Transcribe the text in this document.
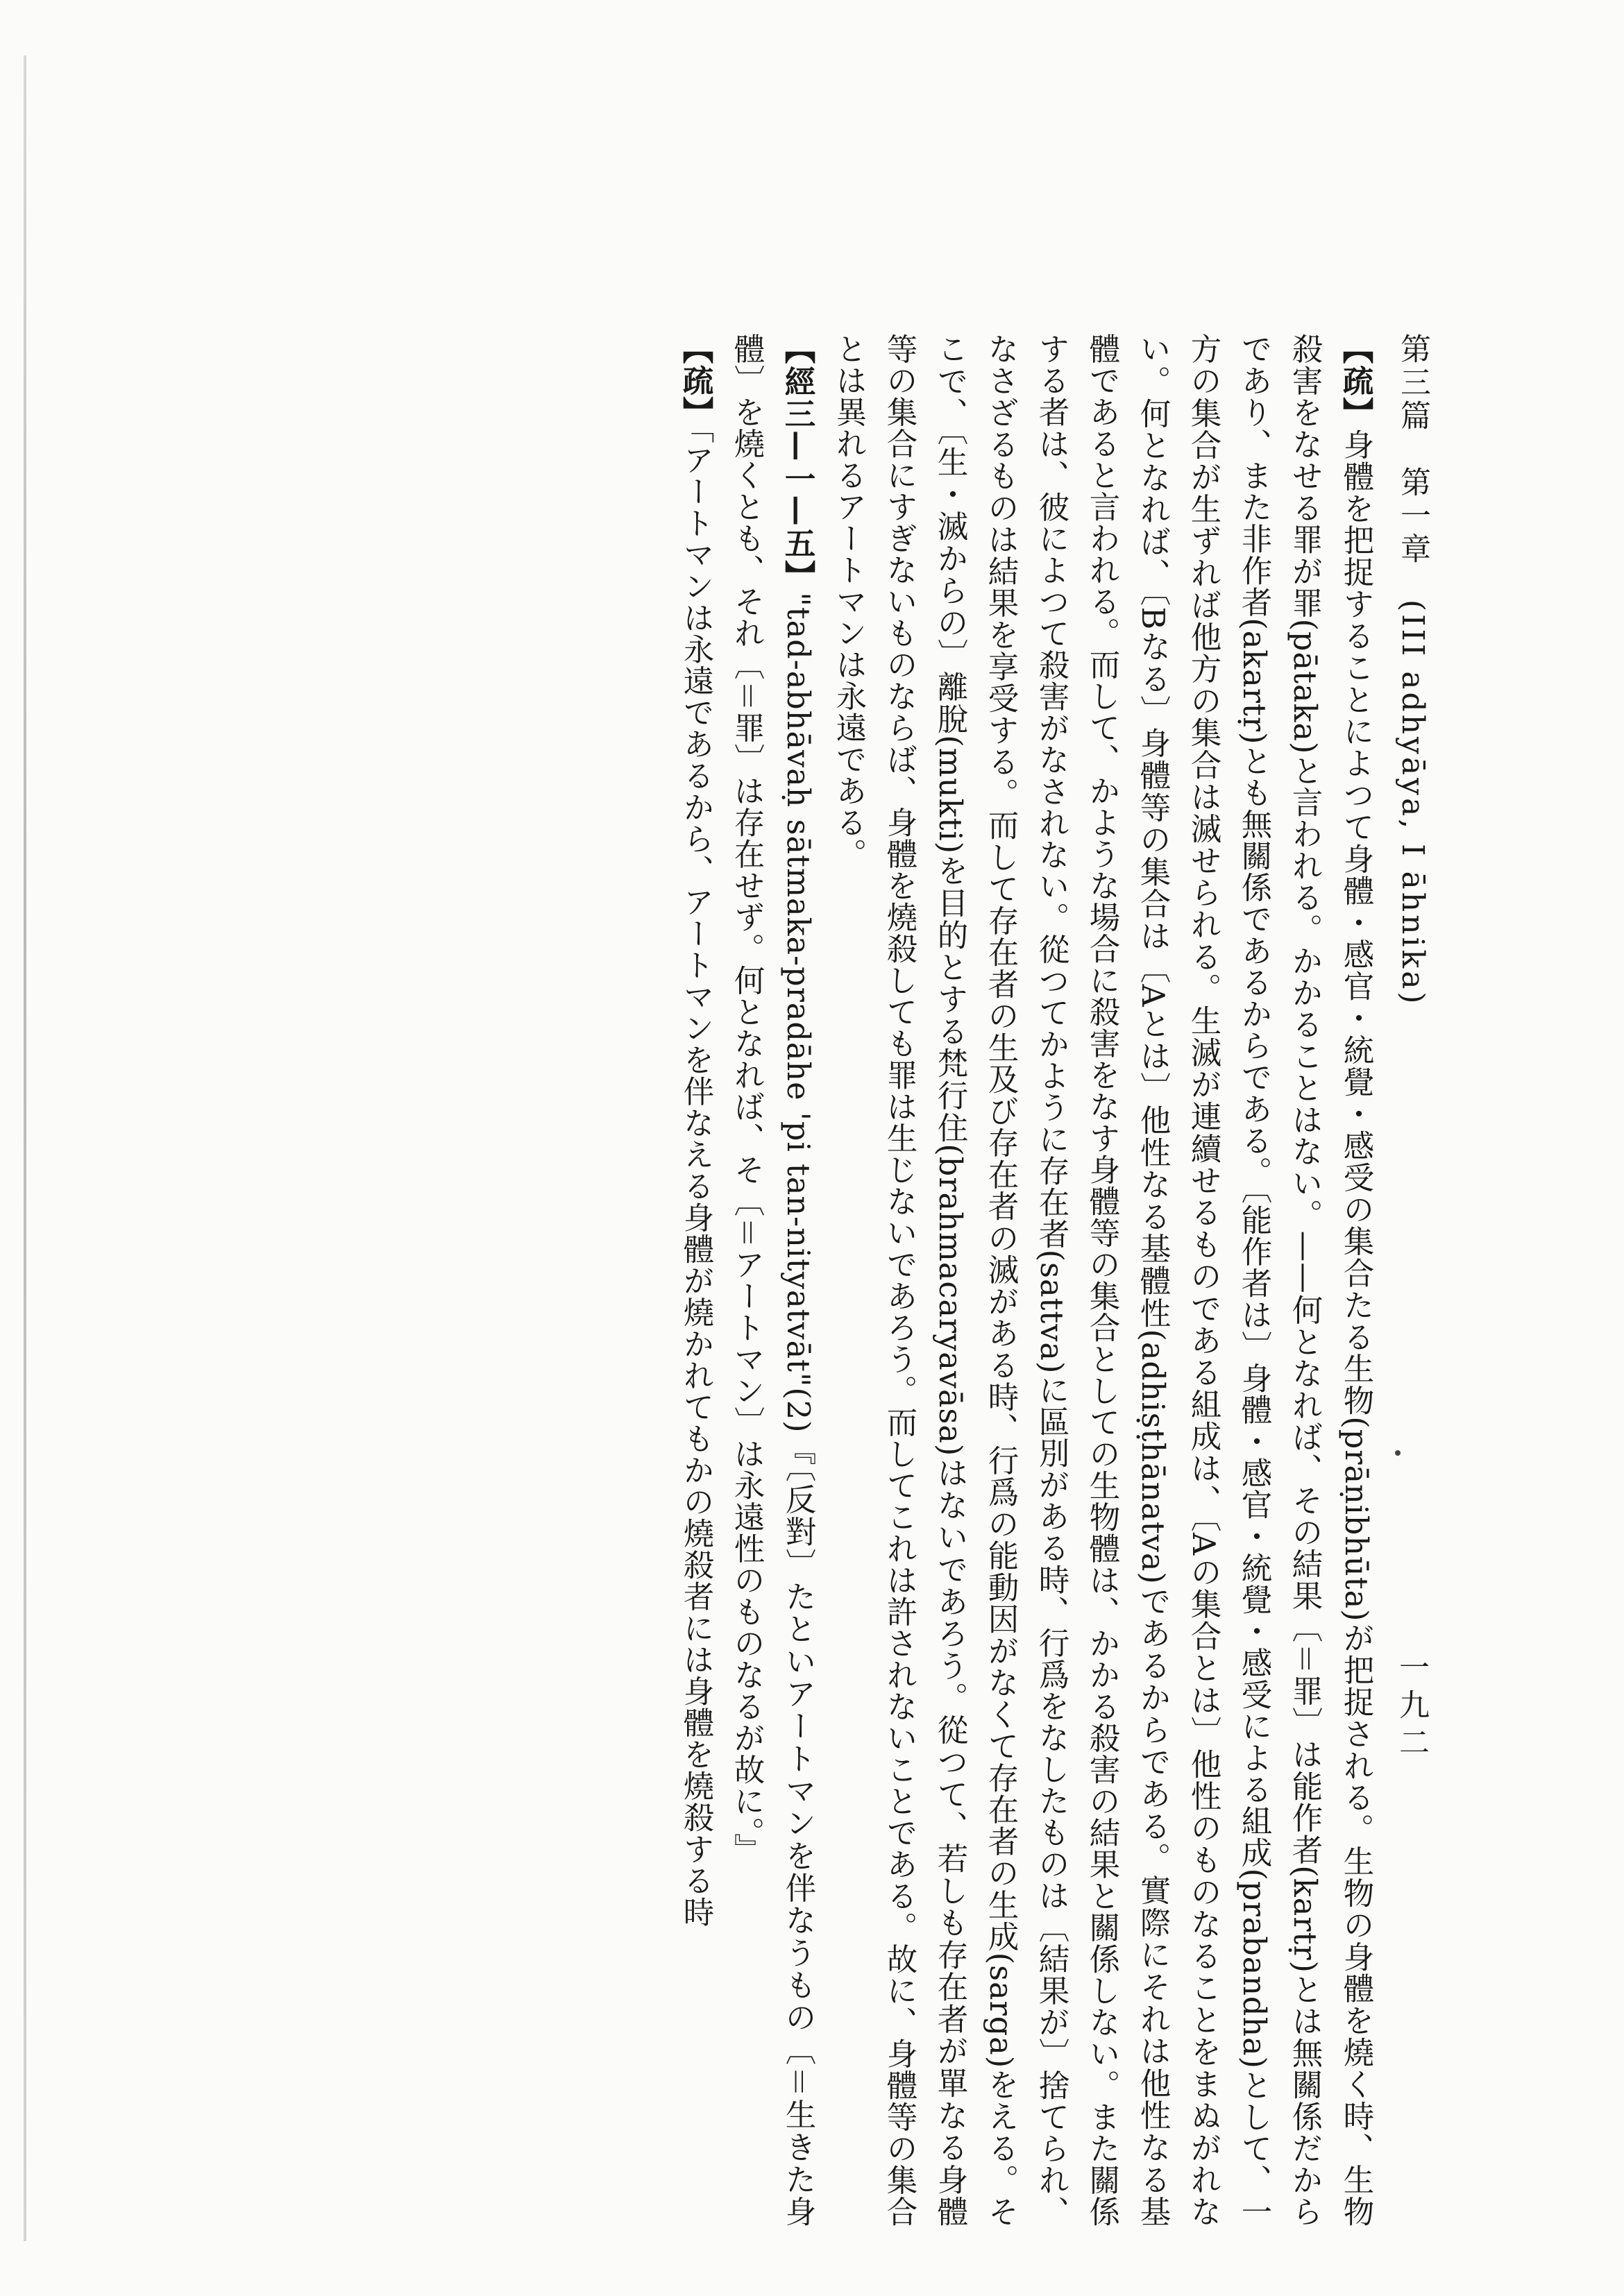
第三篇　第一章　(III adhyāya, I āhnika)
一九二

【疏】身體を把捉することによつて身體・感官・統覺・感受の集合たる生物(prāṇibhūta)が把捉される。生物の身體を燒く時、生物殺害をなせる罪が罪(pātaka)と言われる。かかることはない。——何となれば、その結果〔＝罪〕は能作者(kartṛ)とは無關係だからであり、また非作者(akartṛ)とも無關係であるからである。〔能作者は〕身體・感官・統覺・感受による組成(prabandha)として、一方の集合が生ずれば他方の集合は滅せられる。生滅が連續せるものである組成は、〔Aの集合とは〕他性のものなることをまぬがれない。何となれば、〔Bなる〕身體等の集合は〔Aとは〕他性なる基體性(adhiṣṭhānatva)であるからである。實際にそれは他性なる基體であると言われる。而して、かような場合に殺害をなす身體等の集合としての生物體は、かかる殺害の結果と關係しない。また關係する者は、彼によつて殺害がなされない。從つてかように存在者(sattva)に區別がある時、行爲をなしたものは〔結果が〕捨てられ、なさざるものは結果を享受する。而して存在者の生及び存在者の滅がある時、行爲の能動因がなくて存在者の生成(sarga)をえる。そこで、〔生・滅からの〕離脫(mukti)を目的とする梵行住(brahmacaryavāsa)はないであろう。從つて、若しも存在者が單なる身體等の集合にすぎないものならば、身體を燒殺しても罪は生じないであろう。而してこれは許されないことである。故に、身體等の集合とは異れるアートマンは永遠である。

【經三—一—五】"tad-abhāvaḥ sātmaka-pradāhe 'pi tan-nityatvāt"(2)『〔反對〕たといアートマンを伴なうもの〔＝生きた身體〕を燒くとも、それ〔＝罪〕は存在せず。何となれば、そ〔＝アートマン〕は永遠性のものなるが故に。』

【疏】「アートマンは永遠であるから、アートマンを伴なえる身體が燒かれてもかの燒殺者には身體を燒殺する時
